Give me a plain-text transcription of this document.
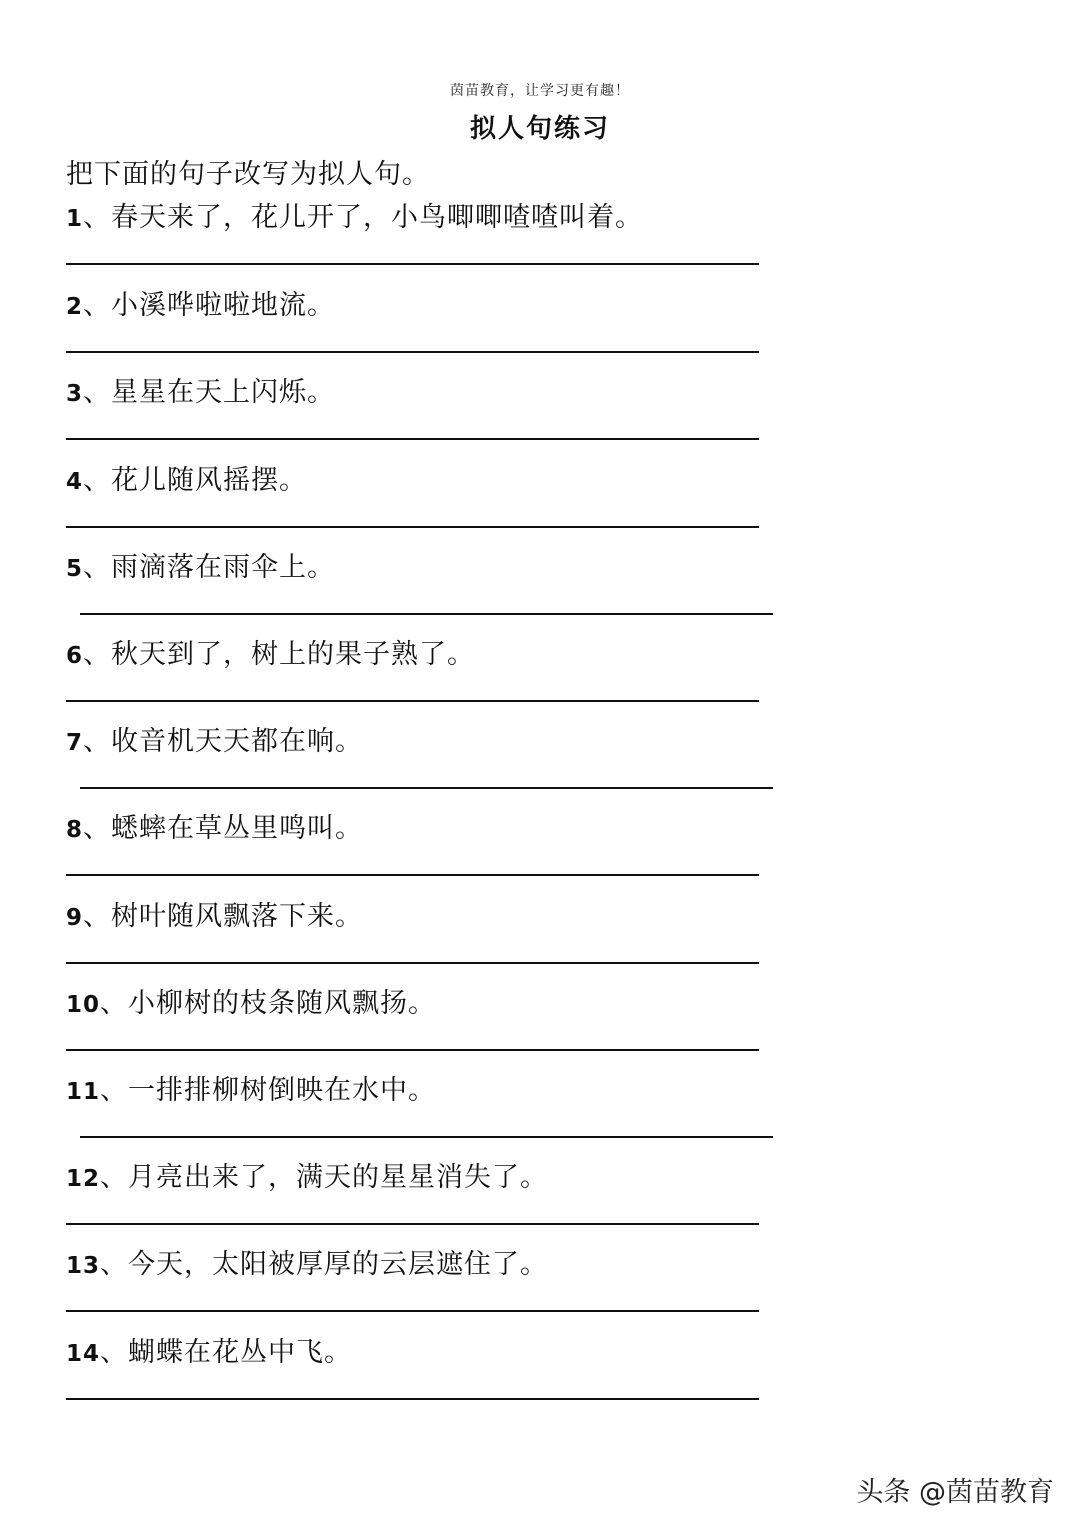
茵苗教育，让学习更有趣！
拟人句练习
把下面的句子改写为拟人句。
1、春天来了，花儿开了，小鸟唧唧喳喳叫着。
2、小溪哗啦啦地流。
3、星星在天上闪烁。
4、花儿随风摇摆。
5、雨滴落在雨伞上。
6、秋天到了，树上的果子熟了。
7、收音机天天都在响。
8、蟋蟀在草丛里鸣叫。
9、树叶随风飘落下来。
10、小柳树的枝条随风飘扬。
11、一排排柳树倒映在水中。
12、月亮出来了，满天的星星消失了。
13、今天，太阳被厚厚的云层遮住了。
14、蝴蝶在花丛中飞。
头条 @茵苗教育
